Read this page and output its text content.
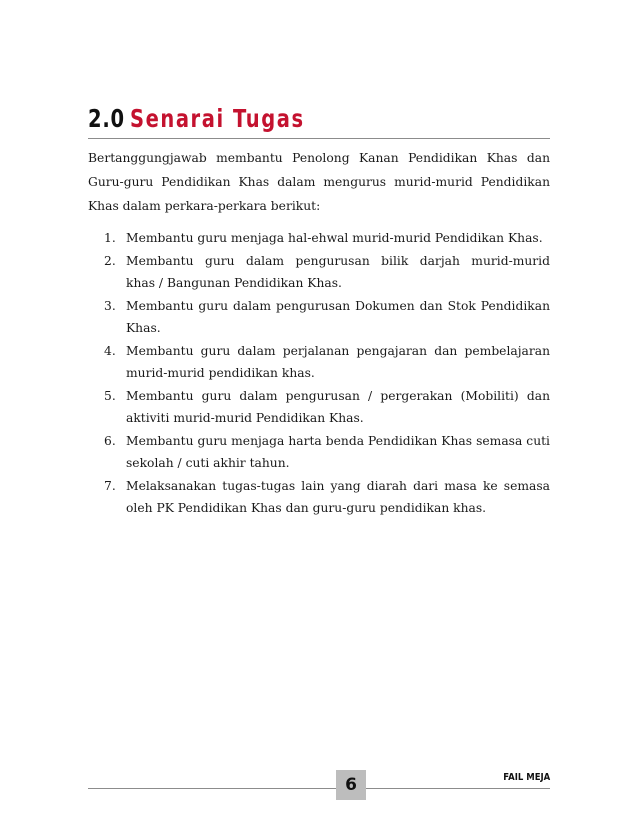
2.0 Senarai Tugas

Bertanggungjawab membantu Penolong Kanan Pendidikan Khas dan
Guru-guru Pendidikan Khas dalam mengurus murid-murid Pendidikan
Khas dalam perkara-perkara berikut:

1. Membantu guru menjaga hal-ehwal murid-murid Pendidikan Khas.
2. Membantu guru dalam pengurusan bilik darjah murid-murid
khas / Bangunan Pendidikan Khas.
3. Membantu guru dalam pengurusan Dokumen dan Stok Pendidikan
Khas.
4. Membantu guru dalam perjalanan pengajaran dan pembelajaran
murid-murid pendidikan khas.
5. Membantu guru dalam pengurusan / pergerakan (Mobiliti) dan
aktiviti murid-murid Pendidikan Khas.
6. Membantu guru menjaga harta benda Pendidikan Khas semasa cuti
sekolah / cuti akhir tahun.
7. Melaksanakan tugas-tugas lain yang diarah dari masa ke semasa
oleh PK Pendidikan Khas dan guru-guru pendidikan khas.
6	FAIL MEJA
